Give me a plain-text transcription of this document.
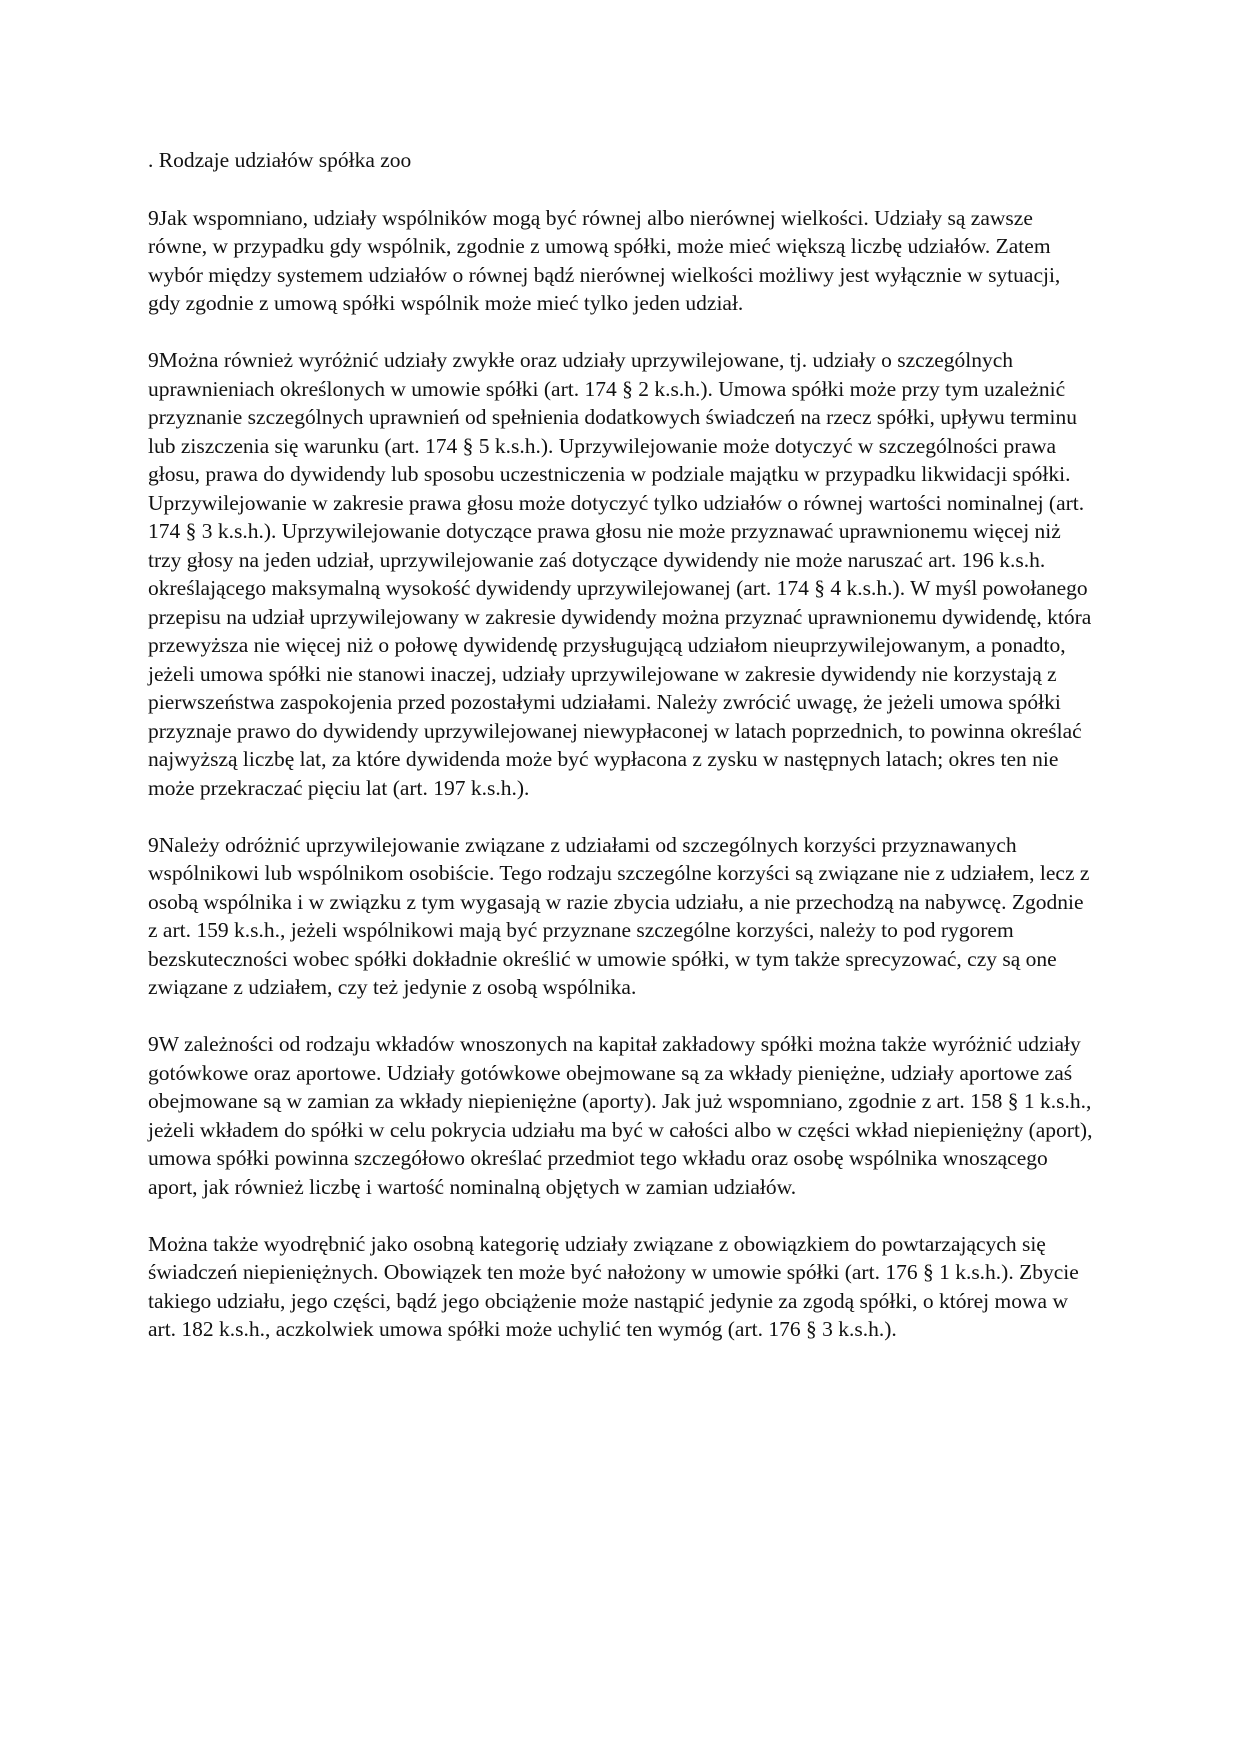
. Rodzaje udziałów spółka zoo
9Jak wspomniano, udziały wspólników mogą być równej albo nierównej wielkości. Udziały są zawsze równe, w przypadku gdy wspólnik, zgodnie z umową spółki, może mieć większą liczbę udziałów. Zatem wybór między systemem udziałów o równej bądź nierównej wielkości możliwy jest wyłącznie w sytuacji, gdy zgodnie z umową spółki wspólnik może mieć tylko jeden udział.
9Można również wyróżnić udziały zwykłe oraz udziały uprzywilejowane, tj. udziały o szczególnych uprawnieniach określonych w umowie spółki (art. 174 § 2 k.s.h.). Umowa spółki może przy tym uzależnić przyznanie szczególnych uprawnień od spełnienia dodatkowych świadczeń na rzecz spółki, upływu terminu lub ziszczenia się warunku (art. 174 § 5 k.s.h.). Uprzywilejowanie może dotyczyć w szczególności prawa głosu, prawa do dywidendy lub sposobu uczestniczenia w podziale majątku w przypadku likwidacji spółki. Uprzywilejowanie w zakresie prawa głosu może dotyczyć tylko udziałów o równej wartości nominalnej (art. 174 § 3 k.s.h.). Uprzywilejowanie dotyczące prawa głosu nie może przyznawać uprawnionemu więcej niż trzy głosy na jeden udział, uprzywilejowanie zaś dotyczące dywidendy nie może naruszać art. 196 k.s.h. określającego maksymalną wysokość dywidendy uprzywilejowanej (art. 174 § 4 k.s.h.). W myśl powołanego przepisu na udział uprzywilejowany w zakresie dywidendy można przyznać uprawnionemu dywidendę, która przewyższa nie więcej niż o połowę dywidendę przysługującą udziałom nieuprzywilejowanym, a ponadto, jeżeli umowa spółki nie stanowi inaczej, udziały uprzywilejowane w zakresie dywidendy nie korzystają z pierwszeństwa zaspokojenia przed pozostałymi udziałami. Należy zwrócić uwagę, że jeżeli umowa spółki przyznaje prawo do dywidendy uprzywilejowanej niewypłaconej w latach poprzednich, to powinna określać najwyższą liczbę lat, za które dywidenda może być wypłacona z zysku w następnych latach; okres ten nie może przekraczać pięciu lat (art. 197 k.s.h.).
9Należy odróżnić uprzywilejowanie związane z udziałami od szczególnych korzyści przyznawanych wspólnikowi lub wspólnikom osobiście. Tego rodzaju szczególne korzyści są związane nie z udziałem, lecz z osobą wspólnika i w związku z tym wygasają w razie zbycia udziału, a nie przechodzą na nabywcę. Zgodnie z art. 159 k.s.h., jeżeli wspólnikowi mają być przyznane szczególne korzyści, należy to pod rygorem bezskuteczności wobec spółki dokładnie określić w umowie spółki, w tym także sprecyzować, czy są one związane z udziałem, czy też jedynie z osobą wspólnika.
9W zależności od rodzaju wkładów wnoszonych na kapitał zakładowy spółki można także wyróżnić udziały gotówkowe oraz aportowe. Udziały gotówkowe obejmowane są za wkłady pieniężne, udziały aportowe zaś obejmowane są w zamian za wkłady niepieniężne (aporty). Jak już wspomniano, zgodnie z art. 158 § 1 k.s.h., jeżeli wkładem do spółki w celu pokrycia udziału ma być w całości albo w części wkład niepieniężny (aport), umowa spółki powinna szczegółowo określać przedmiot tego wkładu oraz osobę wspólnika wnoszącego aport, jak również liczbę i wartość nominalną objętych w zamian udziałów.
Można także wyodrębnić jako osobną kategorię udziały związane z obowiązkiem do powtarzających się świadczeń niepieniężnych. Obowiązek ten może być nałożony w umowie spółki (art. 176 § 1 k.s.h.). Zbycie takiego udziału, jego części, bądź jego obciążenie może nastąpić jedynie za zgodą spółki, o której mowa w art. 182 k.s.h., aczkolwiek umowa spółki może uchylić ten wymóg (art. 176 § 3 k.s.h.).
